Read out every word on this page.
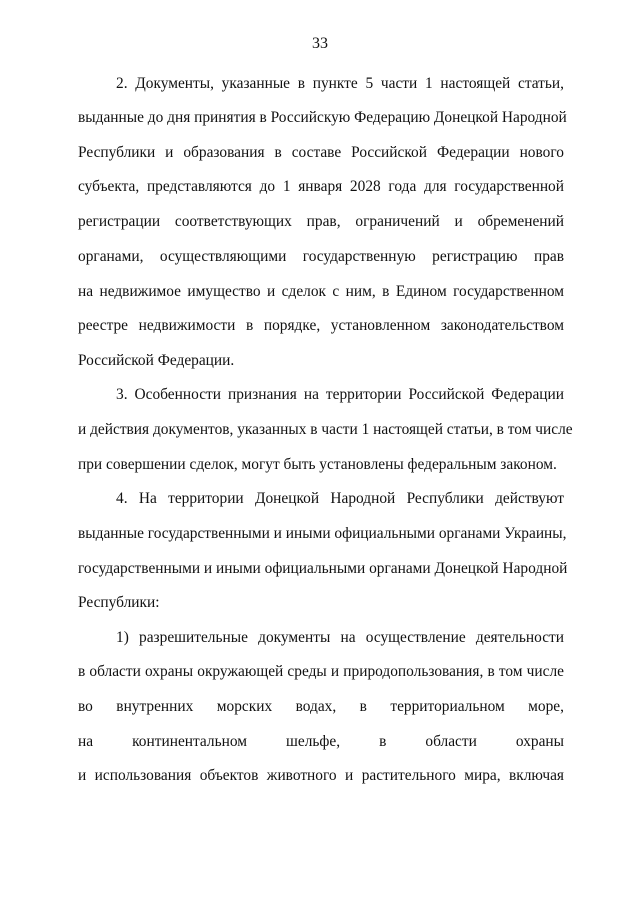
33
2. Документы, указанные в пункте 5 части 1 настоящей статьи,
выданные до дня принятия в Российскую Федерацию Донецкой Народной
Республики и образования в составе Российской Федерации нового
субъекта, представляются до 1 января 2028 года для государственной
регистрации соответствующих прав, ограничений и обременений
органами, осуществляющими государственную регистрацию прав
на недвижимое имущество и сделок с ним, в Едином государственном
реестре недвижимости в порядке, установленном законодательством
Российской Федерации.
3. Особенности признания на территории Российской Федерации
и действия документов, указанных в части 1 настоящей статьи, в том числе
при совершении сделок, могут быть установлены федеральным законом.
4. На территории Донецкой Народной Республики действуют
выданные государственными и иными официальными органами Украины,
государственными и иными официальными органами Донецкой Народной
Республики:
1) разрешительные документы на осуществление деятельности
в области охраны окружающей среды и природопользования, в том числе
во внутренних морских водах, в территориальном море,
на континентальном шельфе, в области охраны
и использования объектов животного и растительного мира, включая
